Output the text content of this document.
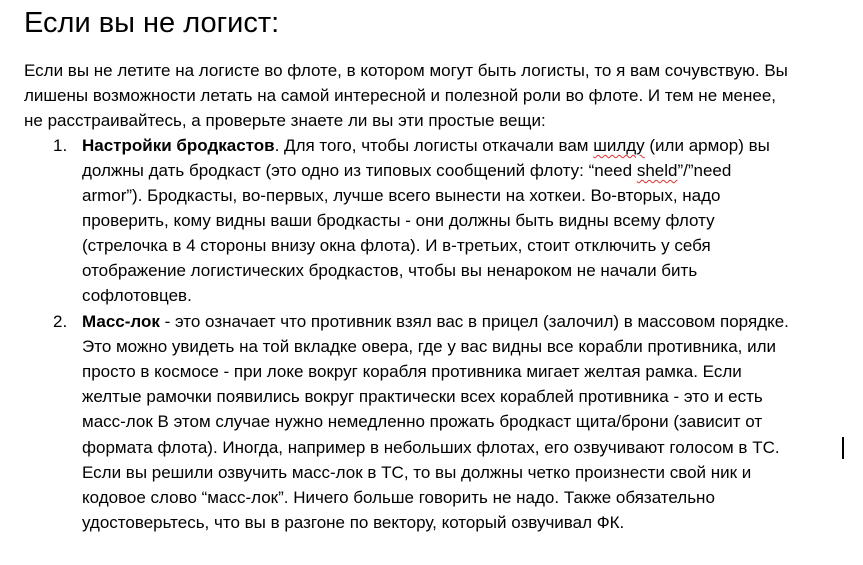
Если вы не логист:
Если вы не летите на логисте во флоте, в котором могут быть логисты, то я вам сочувствую. Вы
лишены возможности летать на самой интересной и полезной роли во флоте. И тем не менее,
не расстраивайтесь, а проверьте знаете ли вы эти простые вещи:
1. Настройки бродкастов. Для того, чтобы логисты откачали вам шилду (или армор) вы
должны дать бродкаст (это одно из типовых сообщений флоту: “need sheld”/”need
armor”). Бродкасты, во-первых, лучше всего вынести на хоткеи. Во-вторых, надо
проверить, кому видны ваши бродкасты - они должны быть видны всему флоту
(стрелочка в 4 стороны внизу окна флота). И в-третьих, стоит отключить у себя
отображение логистических бродкастов, чтобы вы ненароком не начали бить
софлотовцев.
2. Масс-лок - это означает что противник взял вас в прицел (залочил) в массовом порядке.
Это можно увидеть на той вкладке овера, где у вас видны все корабли противника, или
просто в космосе - при локе вокруг корабля противника мигает желтая рамка. Если
желтые рамочки появились вокруг практически всех кораблей противника - это и есть
масс-лок В этом случае нужно немедленно прожать бродкаст щита/брони (зависит от
формата флота). Иногда, например в небольших флотах, его озвучивают голосом в ТС.
Если вы решили озвучить масс-лок в ТС, то вы должны четко произнести свой ник и
кодовое слово “масс-лок”. Ничего больше говорить не надо. Также обязательно
удостоверьтесь, что вы в разгоне по вектору, который озвучивал ФК.
